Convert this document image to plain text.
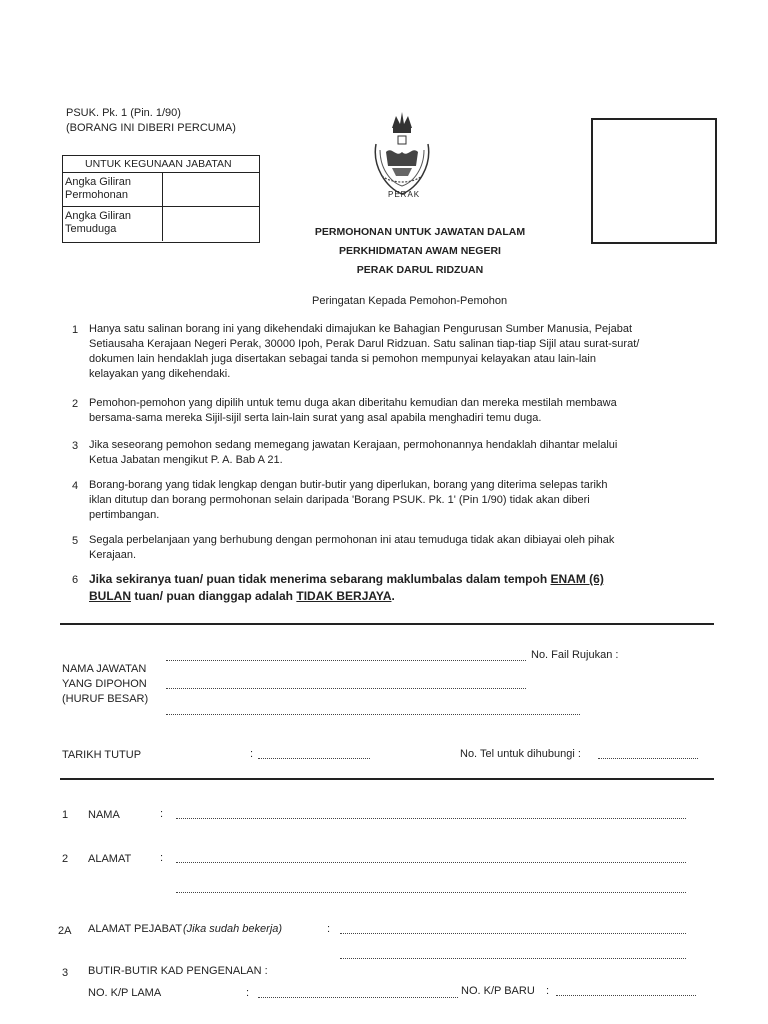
PSUK. Pk. 1 (Pin. 1/90)
(BORANG INI DIBERI PERCUMA)
UNTUK KEGUNAAN JABATAN
Angka Giliran Permohonan
Angka Giliran Temuduga
PERAK
PERMOHONAN UNTUK JAWATAN DALAM
PERKHIDMATAN AWAM NEGERI
PERAK DARUL RIDZUAN
Peringatan Kepada Pemohon-Pemohon
1 Hanya satu salinan borang ini yang dikehendaki dimajukan ke Bahagian Pengurusan Sumber Manusia, Pejabat
Setiausaha Kerajaan Negeri Perak, 30000 Ipoh, Perak Darul Ridzuan. Satu salinan tiap-tiap Sijil atau surat-surat/
dokumen lain hendaklah juga disertakan sebagai tanda si pemohon mempunyai kelayakan atau lain-lain
kelayakan yang dikehendaki.
2 Pemohon-pemohon yang dipilih untuk temu duga akan diberitahu kemudian dan mereka mestilah membawa
bersama-sama mereka Sijil-sijil serta lain-lain surat yang asal apabila menghadiri temu duga.
3 Jika seseorang pemohon sedang memegang jawatan Kerajaan, permohonannya hendaklah dihantar melalui
Ketua Jabatan mengikut P. A. Bab A 21.
4 Borang-borang yang tidak lengkap dengan butir-butir yang diperlukan, borang yang diterima selepas tarikh
iklan ditutup dan borang permohonan selain daripada 'Borang PSUK. Pk. 1' (Pin 1/90) tidak akan diberi
pertimbangan.
5 Segala perbelanjaan yang berhubung dengan permohonan ini atau temuduga tidak akan dibiayai oleh pihak
Kerajaan.
6 Jika sekiranya tuan/ puan tidak menerima sebarang maklumbalas dalam tempoh ENAM (6)
BULAN tuan/ puan dianggap adalah TIDAK BERJAYA.
No. Fail Rujukan :
NAMA JAWATAN
YANG DIPOHON
(HURUF BESAR)
TARIKH TUTUP	:	No. Tel untuk dihubungi :
1 NAMA	:
2 ALAMAT	:
2A ALAMAT PEJABAT (Jika sudah bekerja)	:
3 BUTIR-BUTIR KAD PENGENALAN :
NO. K/P LAMA	:	NO. K/P BARU :
